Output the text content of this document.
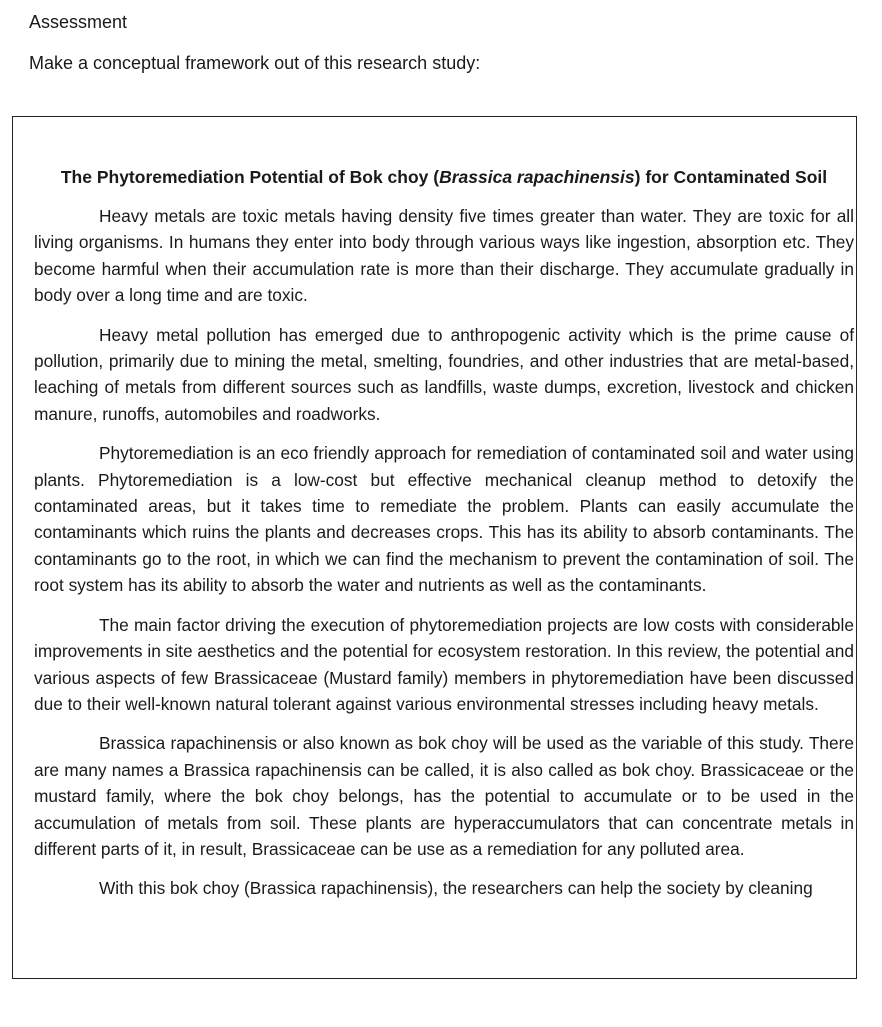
Assessment

Make a conceptual framework out of this research study:

The Phytoremediation Potential of Bok choy (Brassica rapachinensis) for Contaminated Soil

Heavy metals are toxic metals having density five times greater than water. They are toxic for all living organisms. In humans they enter into body through various ways like ingestion, absorption etc. They become harmful when their accumulation rate is more than their discharge. They accumulate gradually in body over a long time and are toxic.

Heavy metal pollution has emerged due to anthropogenic activity which is the prime cause of pollution, primarily due to mining the metal, smelting, foundries, and other industries that are metal-based, leaching of metals from different sources such as landfills, waste dumps, excretion, livestock and chicken manure, runoffs, automobiles and roadworks.

Phytoremediation is an eco friendly approach for remediation of contaminated soil and water using plants. Phytoremediation is a low-cost but effective mechanical cleanup method to detoxify the contaminated areas, but it takes time to remediate the problem. Plants can easily accumulate the contaminants which ruins the plants and decreases crops. This has its ability to absorb contaminants. The contaminants go to the root, in which we can find the mechanism to prevent the contamination of soil. The root system has its ability to absorb the water and nutrients as well as the contaminants.

The main factor driving the execution of phytoremediation projects are low costs with considerable improvements in site aesthetics and the potential for ecosystem restoration. In this review, the potential and various aspects of few Brassicaceae (Mustard family) members in phytoremediation have been discussed due to their well-known natural tolerant against various environmental stresses including heavy metals.

Brassica rapachinensis or also known as bok choy will be used as the variable of this study. There are many names a Brassica rapachinensis can be called, it is also called as bok choy. Brassicaceae or the mustard family, where the bok choy belongs, has the potential to accumulate or to be used in the accumulation of metals from soil. These plants are hyperaccumulators that can concentrate metals in different parts of it, in result, Brassicaceae can be use as a remediation for any polluted area.

With this bok choy (Brassica rapachinensis), the researchers can help the society by cleaning
